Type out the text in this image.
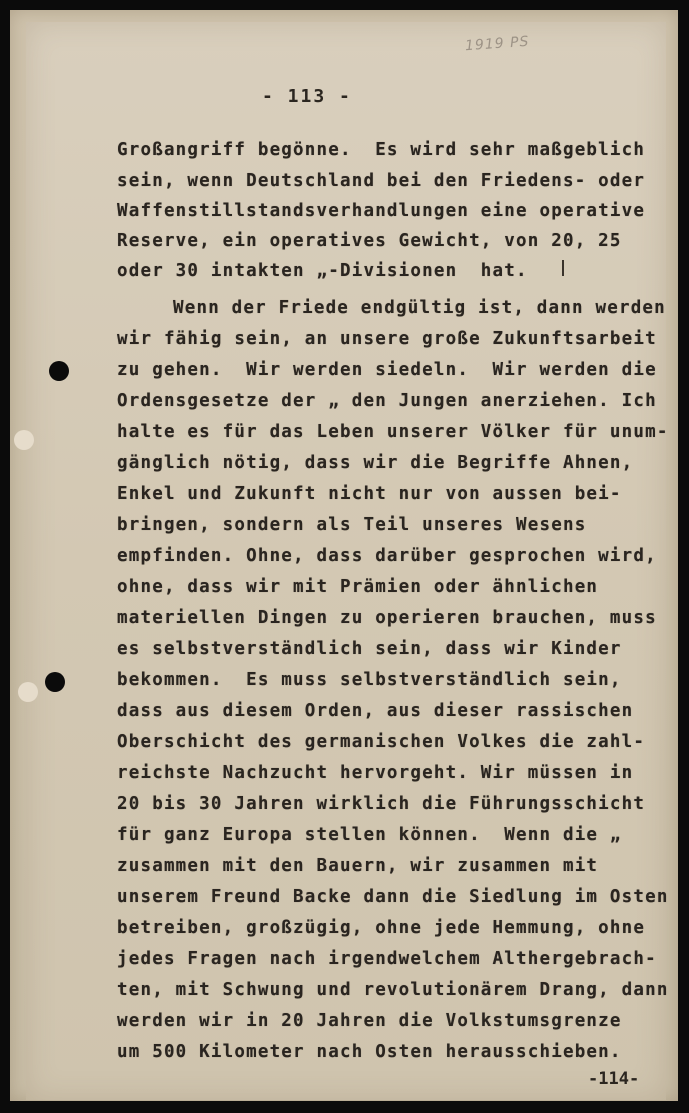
1919 PS
- 113 -
Großangriff begönne.  Es wird sehr maßgeblich
sein, wenn Deutschland bei den Friedens- oder
Waffenstillstandsverhandlungen eine operative
Reserve, ein operatives Gewicht, von 20, 25
oder 30 intakten „-Divisionen  hat.
Wenn der Friede endgültig ist, dann werden
wir fähig sein, an unsere große Zukunftsarbeit
zu gehen.  Wir werden siedeln.  Wir werden die
Ordensgesetze der „ den Jungen anerziehen. Ich
halte es für das Leben unserer Völker für unum-
gänglich nötig, dass wir die Begriffe Ahnen,
Enkel und Zukunft nicht nur von aussen bei-
bringen, sondern als Teil unseres Wesens
empfinden. Ohne, dass darüber gesprochen wird,
ohne, dass wir mit Prämien oder ähnlichen
materiellen Dingen zu operieren brauchen, muss
es selbstverständlich sein, dass wir Kinder
bekommen.  Es muss selbstverständlich sein,
dass aus diesem Orden, aus dieser rassischen
Oberschicht des germanischen Volkes die zahl-
reichste Nachzucht hervorgeht. Wir müssen in
20 bis 30 Jahren wirklich die Führungsschicht
für ganz Europa stellen können.  Wenn die „
zusammen mit den Bauern, wir zusammen mit
unserem Freund Backe dann die Siedlung im Osten
betreiben, großzügig, ohne jede Hemmung, ohne
jedes Fragen nach irgendwelchem Althergebrach-
ten, mit Schwung und revolutionärem Drang, dann
werden wir in 20 Jahren die Volkstumsgrenze
um 500 Kilometer nach Osten herausschieben.
-114-
